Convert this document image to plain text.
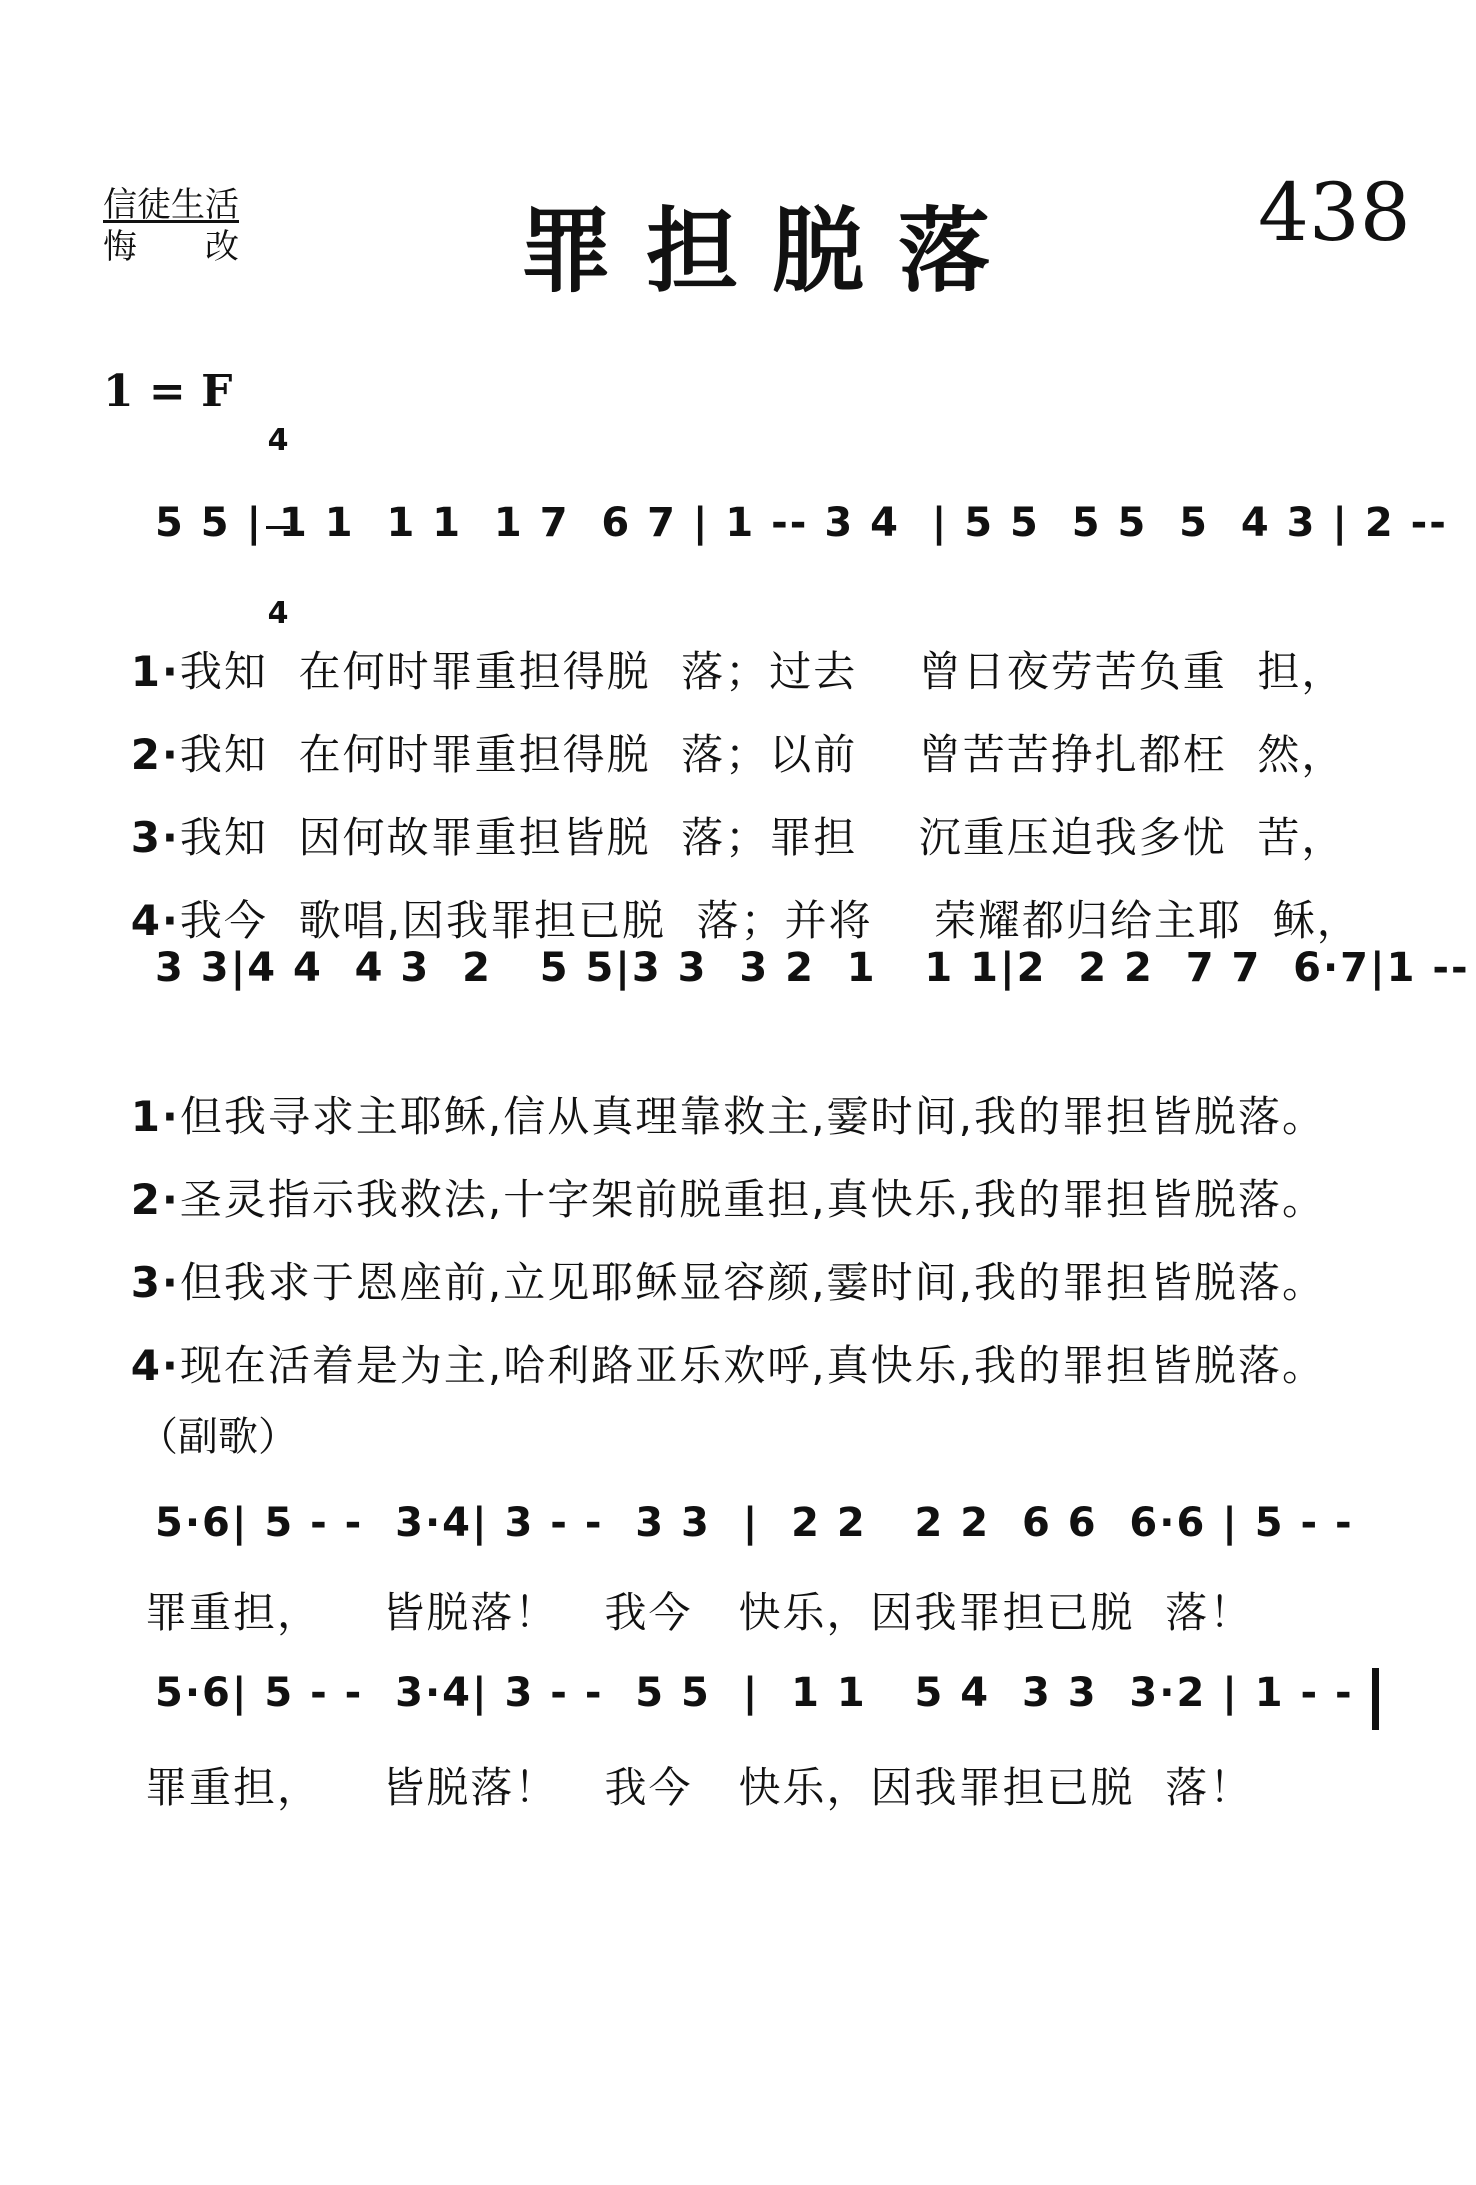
信徒生活
悔　　改	罪担脱落	438
1 = F

4

4

5 5 | 1 1  1 1  1 7  6 7 | 1 -- 3 4  | 5 5  5 5  5  4 3 | 2 --

1·我知  在何时罪重担得脱  落；过去    曾日夜劳苦负重  担，

2·我知  在何时罪重担得脱  落；以前    曾苦苦挣扎都枉  然，

3·我知  因何故罪重担皆脱  落；罪担    沉重压迫我多忧  苦，

4·我今  歌唱,因我罪担已脱  落；并将    荣耀都归给主耶  稣，

3 3|4 4  4 3  2   5 5|3 3  3 2  1   1 1|2  2 2  7 7  6·7|1 --

1·但我寻求主耶稣,信从真理靠救主,霎时间,我的罪担皆脱落。

2·圣灵指示我救法,十字架前脱重担,真快乐,我的罪担皆脱落。

3·但我求于恩座前,立见耶稣显容颜,霎时间,我的罪担皆脱落。

4·现在活着是为主,哈利路亚乐欢呼,真快乐,我的罪担皆脱落。

（副歌）
5·6| 5 - -  3·4| 3 - -  3 3  |  2 2   2 2  6 6  6·6 | 5 - -
罪重担，    皆脱落！   我今   快乐，因我罪担已脱  落！
5·6| 5 - -  3·4| 3 - -  5 5  |  1 1   5 4  3 3  3·2 | 1 - -
罪重担，    皆脱落！   我今   快乐，因我罪担已脱  落！
